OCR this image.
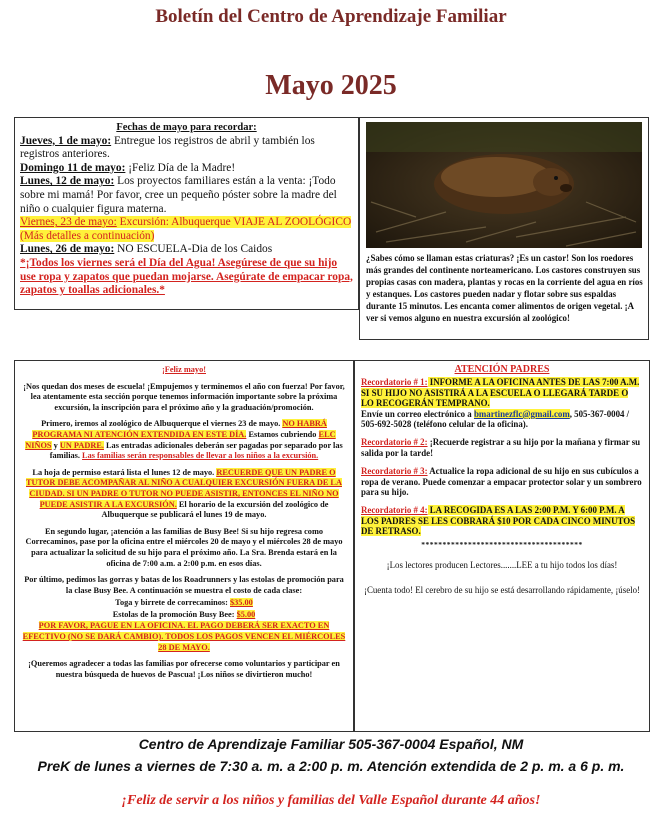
Boletín del Centro de Aprendizaje Familiar
Mayo 2025

Fechas de mayo para recordar:

Jueves, 1 de mayo: Entregue los registros de abril y también los registros anteriores.

Domingo 11 de mayo: ¡Feliz Día de la Madre!

Lunes, 12 de mayo: Los proyectos familiares están a la venta: ¡Todo sobre mi mamá! Por favor, cree un pequeño póster sobre la madre del niño o cualquier figura materna.

Viernes, 23 de mayo: Excursión: Albuquerque VIAJE AL ZOOLÓGICO (Más detalles a continuación)

Lunes, 26 de mayo: NO ESCUELA-Dia de los Caidos

*¡Todos los viernes será el Día del Agua! Asegúrese de que su hijo use ropa y zapatos que puedan mojarse. Asegúrate de empacar ropa, zapatos y toallas adicionales.*

¿Sabes cómo se llaman estas criaturas? ¡Es un castor! Son los roedores más grandes del continente norteamericano. Los castores construyen sus propias casas con madera, plantas y rocas en la corriente del agua en ríos y estanques. Los castores pueden nadar y flotar sobre sus espaldas durante 15 minutos. Les encanta comer alimentos de origen vegetal. ¡A ver si vemos alguno en nuestra excursión al zoológico!

¡Feliz mayo!

¡Nos quedan dos meses de escuela! ¡Empujemos y terminemos el año con fuerza! Por favor, lea atentamente esta sección porque tenemos información importante sobre la próxima excursión, la inscripción para el próximo año y la graduación/promoción.

Primero, iremos al zoológico de Albuquerque el viernes 23 de mayo. NO HABRÁ PROGRAMA NI ATENCIÓN EXTENDIDA EN ESTE DÍA. Estamos cubriendo ELC NIÑOS y UN PADRE. Las entradas adicionales deberán ser pagadas por separado por las familias. Las familias serán responsables de llevar a los niños a la excursión.

La hoja de permiso estará lista el lunes 12 de mayo. RECUERDE QUE UN PADRE O TUTOR DEBE ACOMPAÑAR AL NIÑO A CUALQUIER EXCURSIÓN FUERA DE LA CIUDAD. SI UN PADRE O TUTOR NO PUEDE ASISTIR, ENTONCES EL NIÑO NO PUEDE ASISTIR A LA EXCURSIÓN. El horario de la excursión del zoológico de Albuquerque se publicará el lunes 19 de mayo.

En segundo lugar, ¡atención a las familias de Busy Bee! Si su hijo regresa como Correcaminos, pase por la oficina entre el miércoles 20 de mayo y el miércoles 28 de mayo para actualizar la solicitud de su hijo para el próximo año. La Sra. Brenda estará en la oficina de 7:00 a.m. a 2:00 p.m. en esos días.

Por último, pedimos las gorras y batas de los Roadrunners y las estolas de promoción para la clase Busy Bee. A continuación se muestra el costo de cada clase:

Toga y birrete de correcaminos: $35.00

Estolas de la promoción Busy Bee: $5.00

POR FAVOR, PAGUE EN LA OFICINA. EL PAGO DEBERÁ SER EXACTO EN EFECTIVO (NO SE DARÁ CAMBIO). TODOS LOS PAGOS VENCEN EL MIÉRCOLES 28 DE MAYO.

¡Queremos agradecer a todas las familias por ofrecerse como voluntarios y participar en nuestra búsqueda de huevos de Pascua! ¡Los niños se divirtieron mucho!

ATENCIÓN PADRES

Recordatorio # 1: INFORME A LA OFICINA ANTES DE LAS 7:00 A.M. SI SU HIJO NO ASISTIRÁ A LA ESCUELA O LLEGARÁ TARDE O LO RECOGERÁN TEMPRANO.
Envíe un correo electrónico a bmartinezflc@gmail.com, 505-367-0004 / 505-692-5028 (teléfono celular de la oficina).

Recordatorio # 2: ¡Recuerde registrar a su hijo por la mañana y firmar su salida por la tarde!

Recordatorio # 3: Actualice la ropa adicional de su hijo en sus cubículos a ropa de verano. Puede comenzar a empacar protector solar y un sombrero para su hijo.

Recordatorio # 4: LA RECOGIDA ES A LAS 2:00 P.M. Y 6:00 P.M. A LOS PADRES SE LES COBRARÁ $10 POR CADA CINCO MINUTOS DE RETRASO.

**************************************

¡Los lectores producen Lectores.......LEE a tu hijo todos los días!

¡Cuenta todo! El cerebro de su hijo se está desarrollando rápidamente, ¡úselo!

Centro de Aprendizaje Familiar 505-367-0004 Español, NM
PreK de lunes a viernes de 7:30 a. m. a 2:00 p. m. Atención extendida de 2 p. m. a 6 p. m.
¡Feliz de servir a los niños y familias del Valle Español durante 44 años!
